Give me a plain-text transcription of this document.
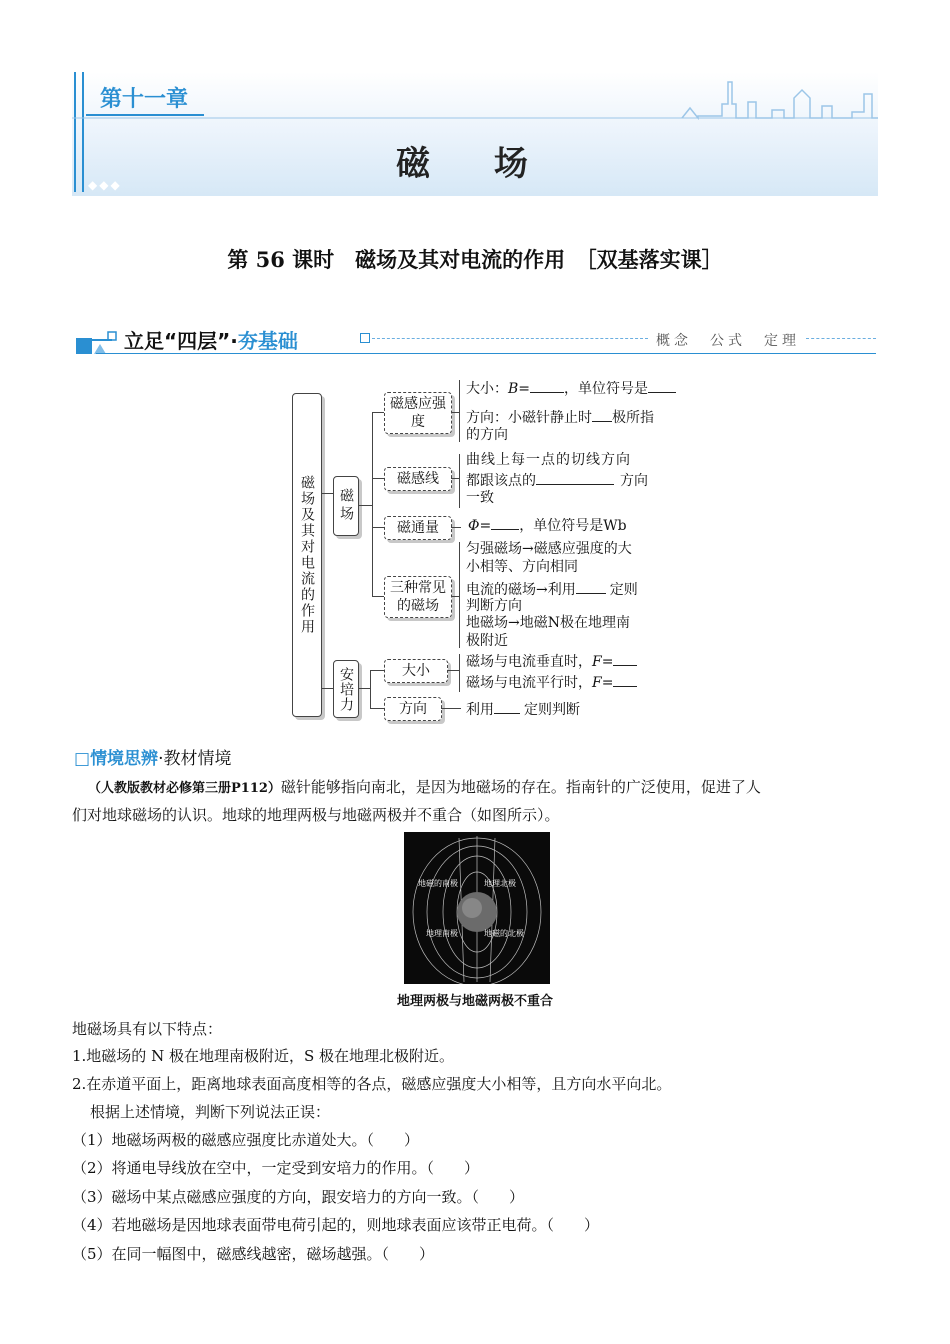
第十一章
磁 场
◆◆◆
第 56 课时　磁场及其对电流的作用　［双基落实课］
立足“四层”·夯基础	概念　公式　定理
磁场及其对电流的作用	磁场
安培力
磁感应强度
磁感线
磁通量
三种常见的磁场
大小
方向
大小：B= ，单位符号是
方向：小磁针静止时 极所指
的方向
曲线上每一点的切线方向
都跟该点的	方向
一致
Φ= ，单位符号是Wb
匀强磁场→磁感应强度的大
小相等、方向相同
电流的磁场→利用 定则
判断方向
地磁场→地磁N极在地理南
极附近
磁场与电流垂直时，F=
磁场与电流平行时，F=
利用 定则判断
□情境思辨·教材情境
（人教版教材必修第三册P112）磁针能够指向南北，是因为地磁场的存在。指南针的广泛使用，促进了人
们对地球磁场的认识。地球的地理两极与地磁两极并不重合（如图所示）。
地磁的南极	地理北极
地理南极	地磁的北极
地理两极与地磁两极不重合
地磁场具有以下特点：
1.地磁场的 N 极在地理南极附近，S 极在地理北极附近。
2.在赤道平面上，距离地球表面高度相等的各点，磁感应强度大小相等，且方向水平向北。
根据上述情境，判断下列说法正误：
（1）地磁场两极的磁感应强度比赤道处大。（　　）
（2）将通电导线放在空中，一定受到安培力的作用。（　　）
（3）磁场中某点磁感应强度的方向，跟安培力的方向一致。（　　）
（4）若地磁场是因地球表面带电荷引起的，则地球表面应该带正电荷。（　　）
（5）在同一幅图中，磁感线越密，磁场越强。（　　）
